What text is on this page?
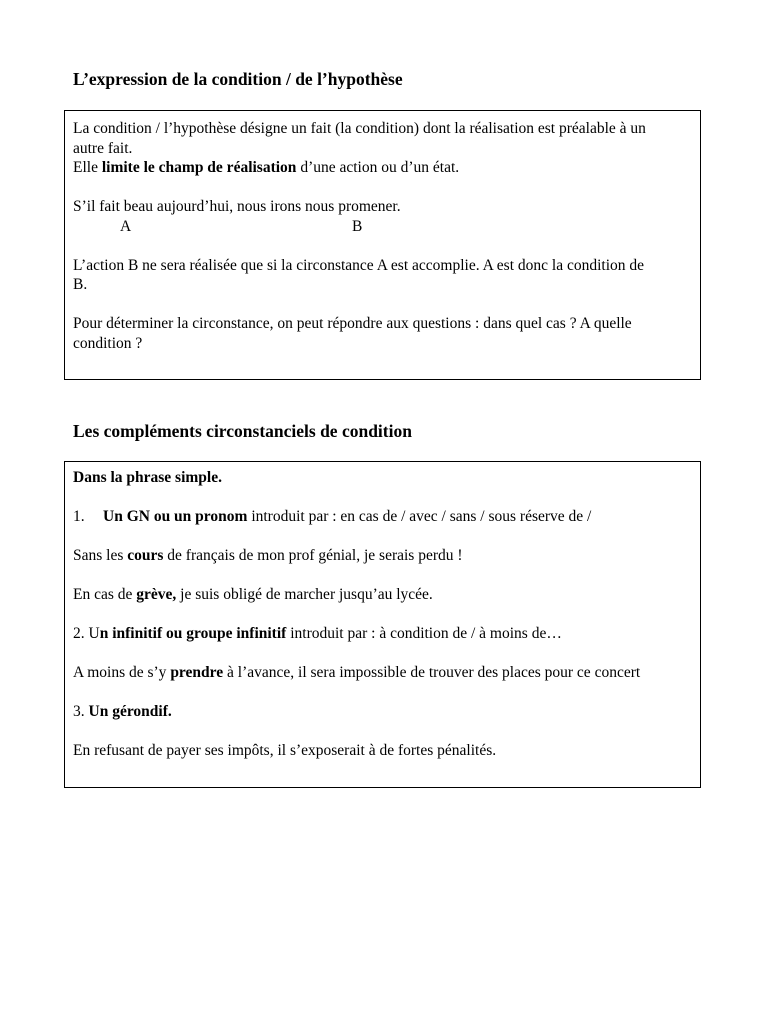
L’expression de la condition / de l’hypothèse

La condition / l’hypothèse désigne un fait (la condition) dont la réalisation est préalable à un autre fait.
Elle limite le champ de réalisation d’une action ou d’un état.

S’il fait beau aujourd’hui, nous irons nous promener.

A	B

L’action B ne sera réalisée que si la circonstance A est accomplie. A est donc la condition de B.

Pour déterminer la circonstance, on peut répondre aux questions : dans quel cas ? A quelle condition ?

Les compléments circonstanciels de condition

Dans la phrase simple.

1. Un GN ou un pronom introduit par : en cas de / avec / sans / sous réserve de /

Sans les cours de français de mon prof génial, je serais perdu !

En cas de grève, je suis obligé de marcher jusqu’au lycée.

2. Un infinitif ou groupe infinitif introduit par : à condition de / à moins de…

A moins de s’y prendre à l’avance, il sera impossible de trouver des places pour ce concert

3. Un gérondif.

En refusant de payer ses impôts, il s’exposerait à de fortes pénalités.
